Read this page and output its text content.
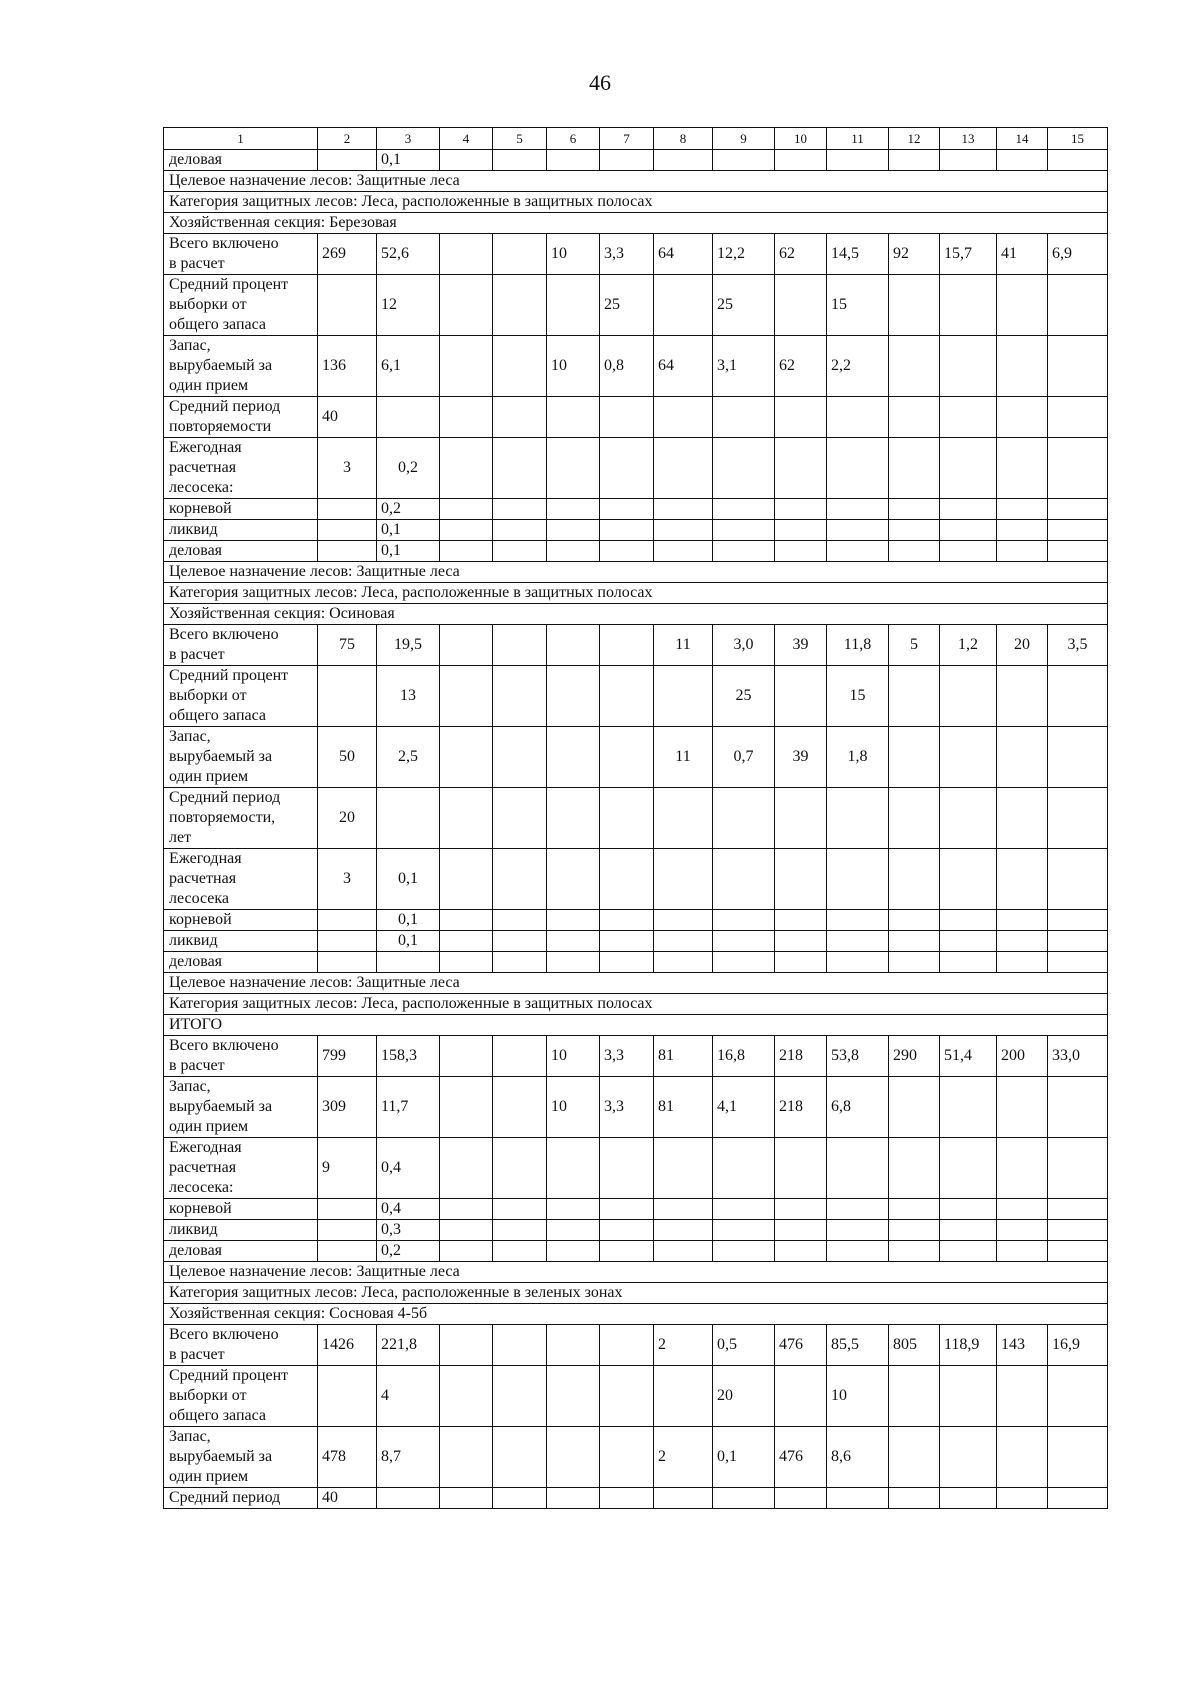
46
1	2	3	4	5	6	7	8	9	10	11	12	13	14	15
деловая		0,1												
Целевое назначение лесов: Защитные леса														
Категория защитных лесов: Леса, расположенные в защитных полосах														
Хозяйственная секция: Березовая														
Всего включено
в расчет	269	52,6			10	3,3	64	12,2	62	14,5	92	15,7	41	6,9
Средний процент
выборки от
общего запаса		12				25		25		15				
Запас,
вырубаемый за
один прием	136	6,1			10	0,8	64	3,1	62	2,2				
Средний период
повторяемости	40													
Ежегодная
расчетная
лесосека:	3	0,2												
корневой		0,2												
ликвид		0,1												
деловая		0,1												
Целевое назначение лесов: Защитные леса														
Категория защитных лесов: Леса, расположенные в защитных полосах														
Хозяйственная секция: Осиновая														
Всего включено
в расчет	75	19,5					11	3,0	39	11,8	5	1,2	20	3,5
Средний процент
выборки от
общего запаса		13						25		15				
Запас,
вырубаемый за
один прием	50	2,5					11	0,7	39	1,8				
Средний период
повторяемости,
лет	20													
Ежегодная
расчетная
лесосека	3	0,1												
корневой		0,1												
ликвид		0,1												
деловая														
Целевое назначение лесов: Защитные леса														
Категория защитных лесов: Леса, расположенные в защитных полосах														
ИТОГО														
Всего включено
в расчет	799	158,3			10	3,3	81	16,8	218	53,8	290	51,4	200	33,0
Запас,
вырубаемый за
один прием	309	11,7			10	3,3	81	4,1	218	6,8				
Ежегодная
расчетная
лесосека:	9	0,4												
корневой		0,4												
ликвид		0,3												
деловая		0,2												
Целевое назначение лесов: Защитные леса														
Категория защитных лесов: Леса, расположенные в зеленых зонах														
Хозяйственная секция: Сосновая 4-5б														
Всего включено
в расчет	1426	221,8					2	0,5	476	85,5	805	118,9	143	16,9
Средний процент
выборки от
общего запаса		4						20		10				
Запас,
вырубаемый за
один прием	478	8,7					2	0,1	476	8,6				
Средний период	40													
